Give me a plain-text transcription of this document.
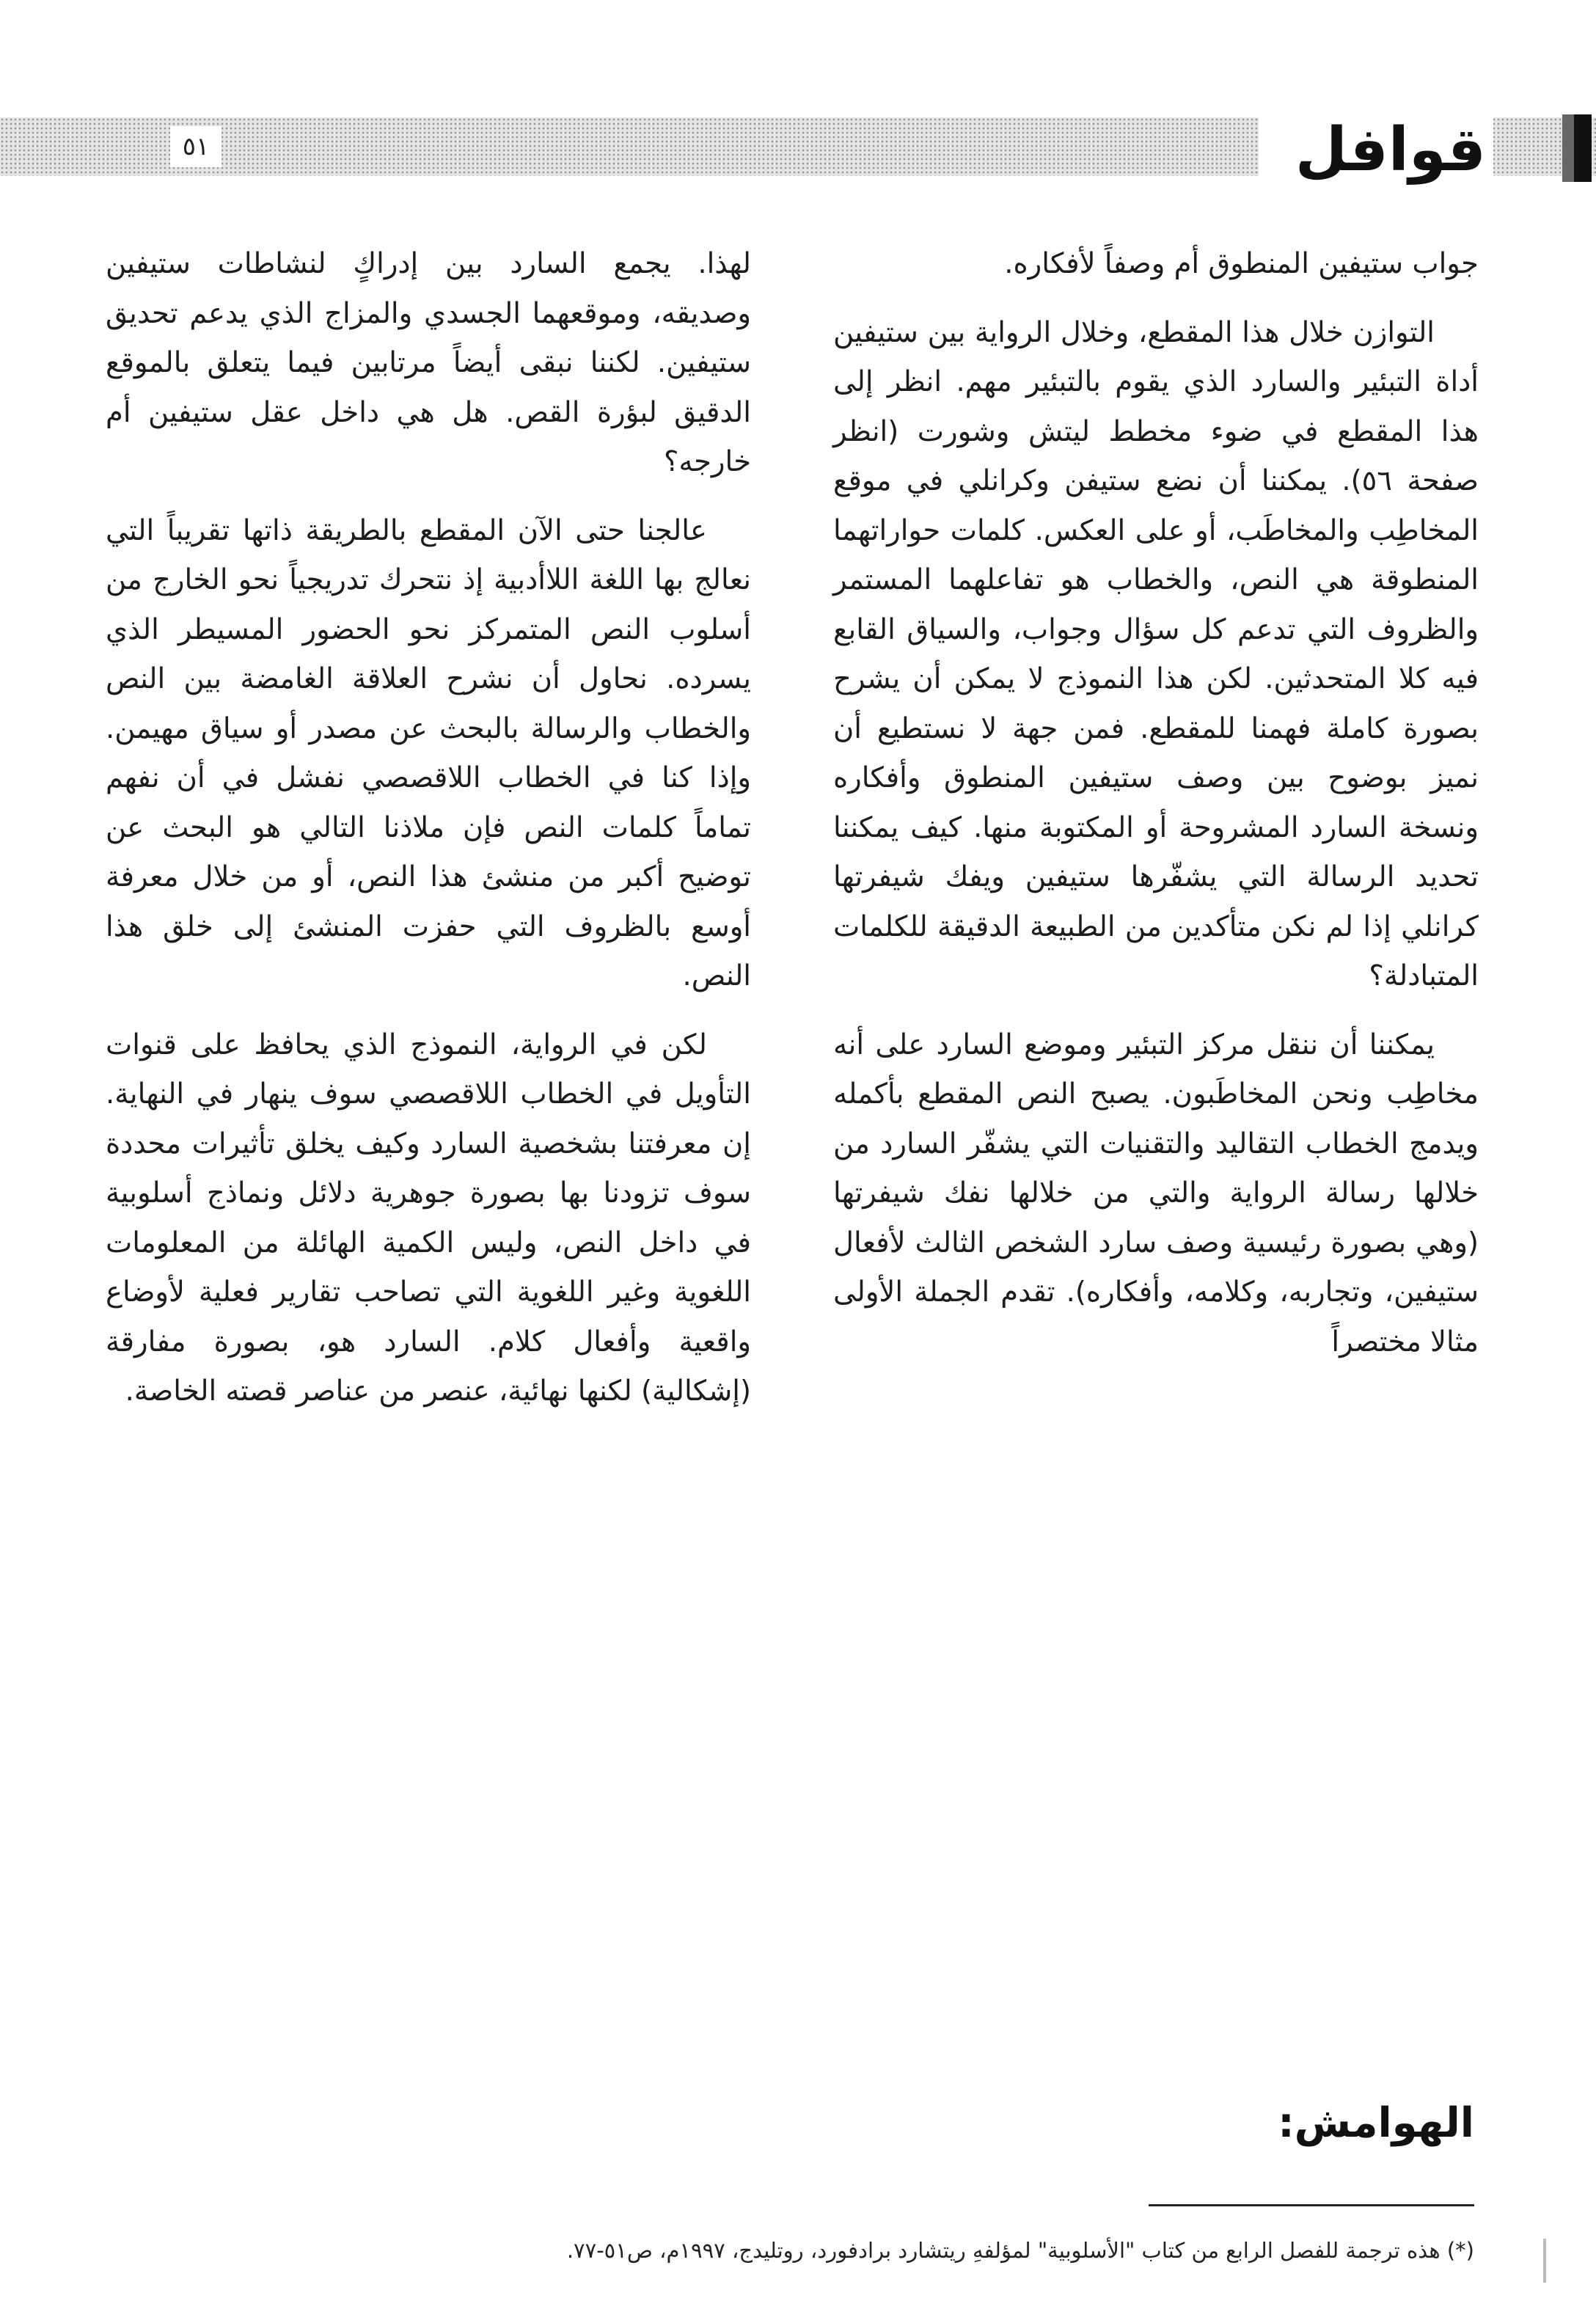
قوافل
٥١

جواب ستيفين المنطوق أم وصفاً لأفكاره.

التوازن خلال هذا المقطع، وخلال الرواية بين ستيفين أداة التبئير والسارد الذي يقوم بالتبئير مهم. انظر إلى هذا المقطع في ضوء مخطط ليتش وشورت (انظر صفحة ٥٦). يمكننا أن نضع ستيفن وكرانلي في موقع المخاطِب والمخاطَب، أو على العكس. كلمات حواراتهما المنطوقة هي النص، والخطاب هو تفاعلهما المستمر والظروف التي تدعم كل سؤال وجواب، والسياق القابع فيه كلا المتحدثين. لكن هذا النموذج لا يمكن أن يشرح بصورة كاملة فهمنا للمقطع. فمن جهة لا نستطيع أن نميز بوضوح بين وصف ستيفين المنطوق وأفكاره ونسخة السارد المشروحة أو المكتوبة منها. كيف يمكننا تحديد الرسالة التي يشفّرها ستيفين ويفك شيفرتها كرانلي إذا لم نكن متأكدين من الطبيعة الدقيقة للكلمات المتبادلة؟

يمكننا أن ننقل مركز التبئير وموضع السارد على أنه مخاطِب ونحن المخاطَبون. يصبح النص المقطع بأكمله ويدمج الخطاب التقاليد والتقنيات التي يشفّر السارد من خلالها رسالة الرواية والتي من خلالها نفك شيفرتها (وهي بصورة رئيسية وصف سارد الشخص الثالث لأفعال ستيفين، وتجاربه، وكلامه، وأفكاره). تقدم الجملة الأولى مثالا مختصراً

لهذا. يجمع السارد بين إدراكٍ لنشاطات ستيفين وصديقه، وموقعهما الجسدي والمزاج الذي يدعم تحديق ستيفين. لكننا نبقى أيضاً مرتابين فيما يتعلق بالموقع الدقيق لبؤرة القص. هل هي داخل عقل ستيفين أم خارجه؟

عالجنا حتى الآن المقطع بالطريقة ذاتها تقريباً التي نعالج بها اللغة اللاأدبية إذ نتحرك تدريجياً نحو الخارج من أسلوب النص المتمركز نحو الحضور المسيطر الذي يسرده. نحاول أن نشرح العلاقة الغامضة بين النص والخطاب والرسالة بالبحث عن مصدر أو سياق مهيمن. وإذا كنا في الخطاب اللاقصصي نفشل في أن نفهم تماماً كلمات النص فإن ملاذنا التالي هو البحث عن توضيح أكبر من منشئ هذا النص، أو من خلال معرفة أوسع بالظروف التي حفزت المنشئ إلى خلق هذا النص.

لكن في الرواية، النموذج الذي يحافظ على قنوات التأويل في الخطاب اللاقصصي سوف ينهار في النهاية. إن معرفتنا بشخصية السارد وكيف يخلق تأثيرات محددة سوف تزودنا بها بصورة جوهرية دلائل ونماذج أسلوبية في داخل النص، وليس الكمية الهائلة من المعلومات اللغوية وغير اللغوية التي تصاحب تقارير فعلية لأوضاع واقعية وأفعال كلام. السارد هو، بصورة مفارقة (إشكالية) لكنها نهائية، عنصر من عناصر قصته الخاصة.

الهوامش:
(*) هذه ترجمة للفصل الرابع من كتاب "الأسلوبية" لمؤلفهِ ريتشارد برادفورد، روتليدج، ١٩٩٧م، ص٥١-٧٧.
